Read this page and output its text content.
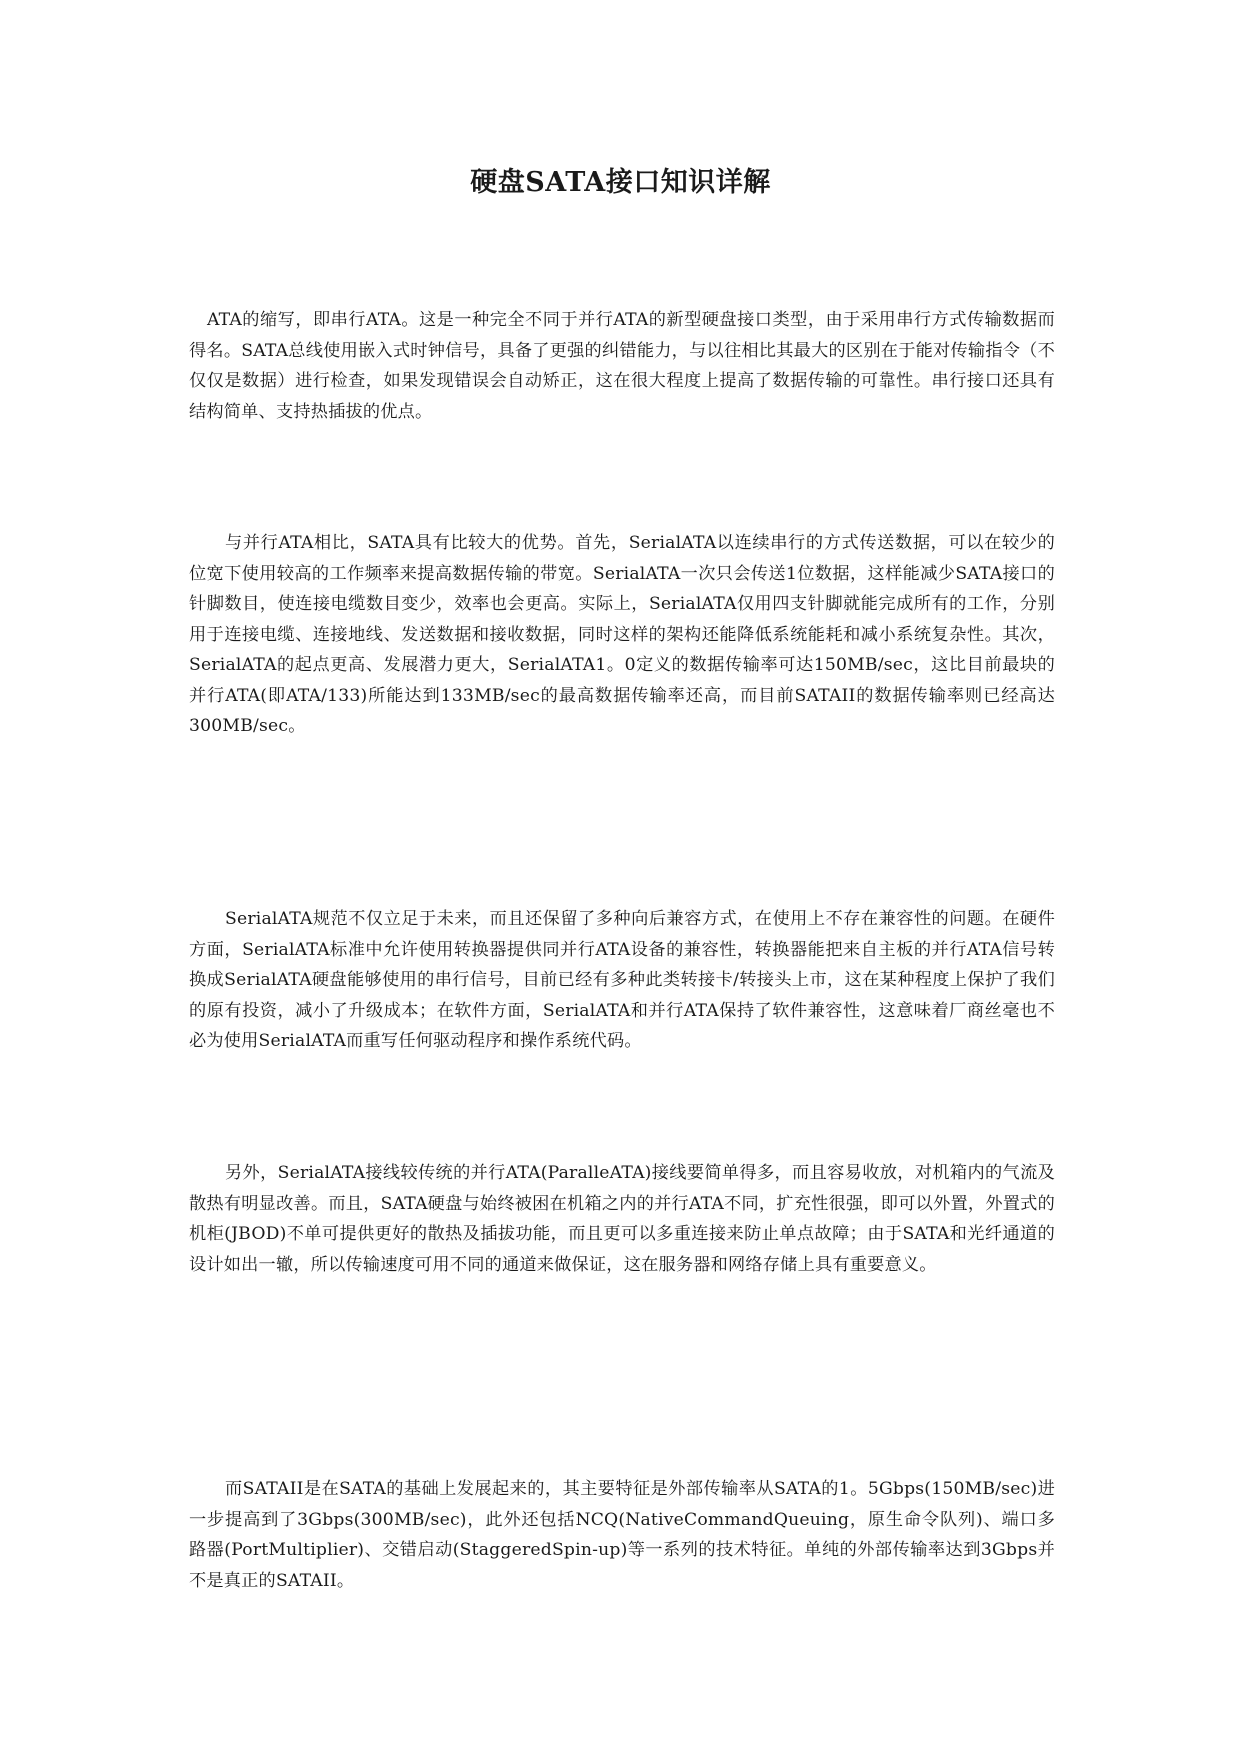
硬盘SATA接口知识详解

ATA的缩写，即串行ATA。这是一种完全不同于并行ATA的新型硬盘接口类型，由于采用串行方式传输数据而得名。SATA总线使用嵌入式时钟信号，具备了更强的纠错能力，与以往相比其最大的区别在于能对传输指令（不仅仅是数据）进行检查，如果发现错误会自动矫正，这在很大程度上提高了数据传输的可靠性。串行接口还具有结构简单、支持热插拔的优点。

与并行ATA相比，SATA具有比较大的优势。首先，SerialATA以连续串行的方式传送数据，可以在较少的位宽下使用较高的工作频率来提高数据传输的带宽。SerialATA一次只会传送1位数据，这样能减少SATA接口的针脚数目，使连接电缆数目变少，效率也会更高。实际上，SerialATA仅用四支针脚就能完成所有的工作，分别用于连接电缆、连接地线、发送数据和接收数据，同时这样的架构还能降低系统能耗和减小系统复杂性。其次，SerialATA的起点更高、发展潜力更大，SerialATA1。0定义的数据传输率可达150MB/sec，这比目前最块的并行ATA(即ATA/133)所能达到133MB/sec的最高数据传输率还高，而目前SATAII的数据传输率则已经高达300MB/sec。

SerialATA规范不仅立足于未来，而且还保留了多种向后兼容方式，在使用上不存在兼容性的问题。在硬件方面，SerialATA标准中允许使用转换器提供同并行ATA设备的兼容性，转换器能把来自主板的并行ATA信号转换成SerialATA硬盘能够使用的串行信号，目前已经有多种此类转接卡/转接头上市，这在某种程度上保护了我们的原有投资，减小了升级成本；在软件方面，SerialATA和并行ATA保持了软件兼容性，这意味着厂商丝毫也不必为使用SerialATA而重写任何驱动程序和操作系统代码。

另外，SerialATA接线较传统的并行ATA(ParalleATA)接线要简单得多，而且容易收放，对机箱内的气流及散热有明显改善。而且，SATA硬盘与始终被困在机箱之内的并行ATA不同，扩充性很强，即可以外置，外置式的机柜(JBOD)不单可提供更好的散热及插拔功能，而且更可以多重连接来防止单点故障；由于SATA和光纤通道的设计如出一辙，所以传输速度可用不同的通道来做保证，这在服务器和网络存储上具有重要意义。

而SATAII是在SATA的基础上发展起来的，其主要特征是外部传输率从SATA的1。5Gbps(150MB/sec)进一步提高到了3Gbps(300MB/sec)，此外还包括NCQ(NativeCommandQueuing，原生命令队列)、端口多路器(PortMultiplier)、交错启动(StaggeredSpin-up)等一系列的技术特征。单纯的外部传输率达到3Gbps并不是真正的SATAII。
